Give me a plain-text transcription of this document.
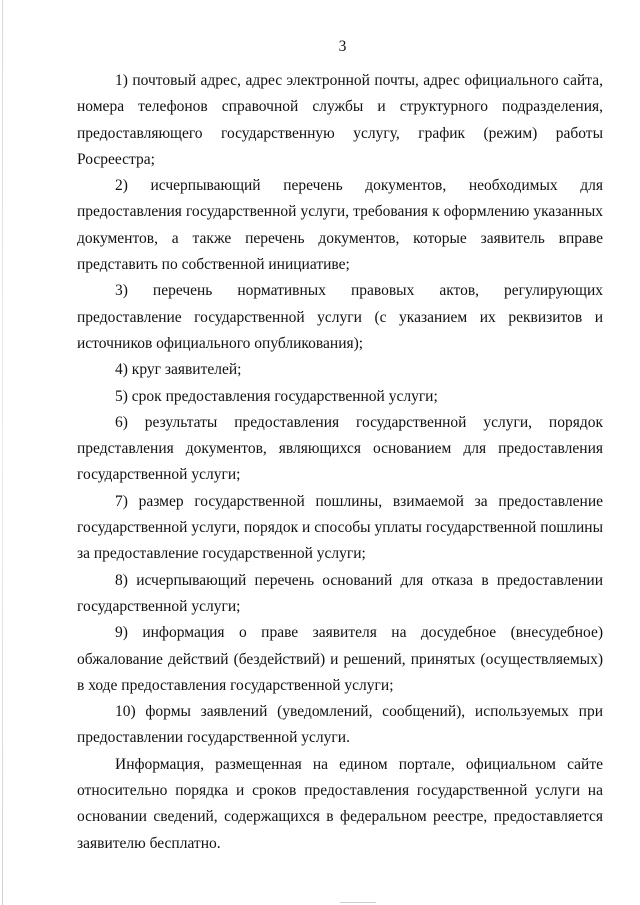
3

1) почтовый адрес, адрес электронной почты, адрес официального сайта, номера телефонов справочной службы и структурного подразделения, предоставляющего государственную услугу, график (режим) работы Росреестра;

2) исчерпывающий перечень документов, необходимых для предоставления государственной услуги, требования к оформлению указанных документов, а также перечень документов, которые заявитель вправе представить по собственной инициативе;

3) перечень нормативных правовых актов, регулирующих предоставление государственной услуги (с указанием их реквизитов и источников официального опубликования);

4) круг заявителей;

5) срок предоставления государственной услуги;

6) результаты предоставления государственной услуги, порядок представления документов, являющихся основанием для предоставления государственной услуги;

7) размер государственной пошлины, взимаемой за предоставление государственной услуги, порядок и способы уплаты государственной пошлины за предоставление государственной услуги;

8) исчерпывающий перечень оснований для отказа в предоставлении государственной услуги;

9) информация о праве заявителя на досудебное (внесудебное) обжалование действий (бездействий) и решений, принятых (осуществляемых) в ходе предоставления государственной услуги;

10) формы заявлений (уведомлений, сообщений), используемых при предоставлении государственной услуги.

Информация, размещенная на едином портале, официальном сайте относительно порядка и сроков предоставления государственной услуги на основании сведений, содержащихся в федеральном реестре, предоставляется заявителю бесплатно.
